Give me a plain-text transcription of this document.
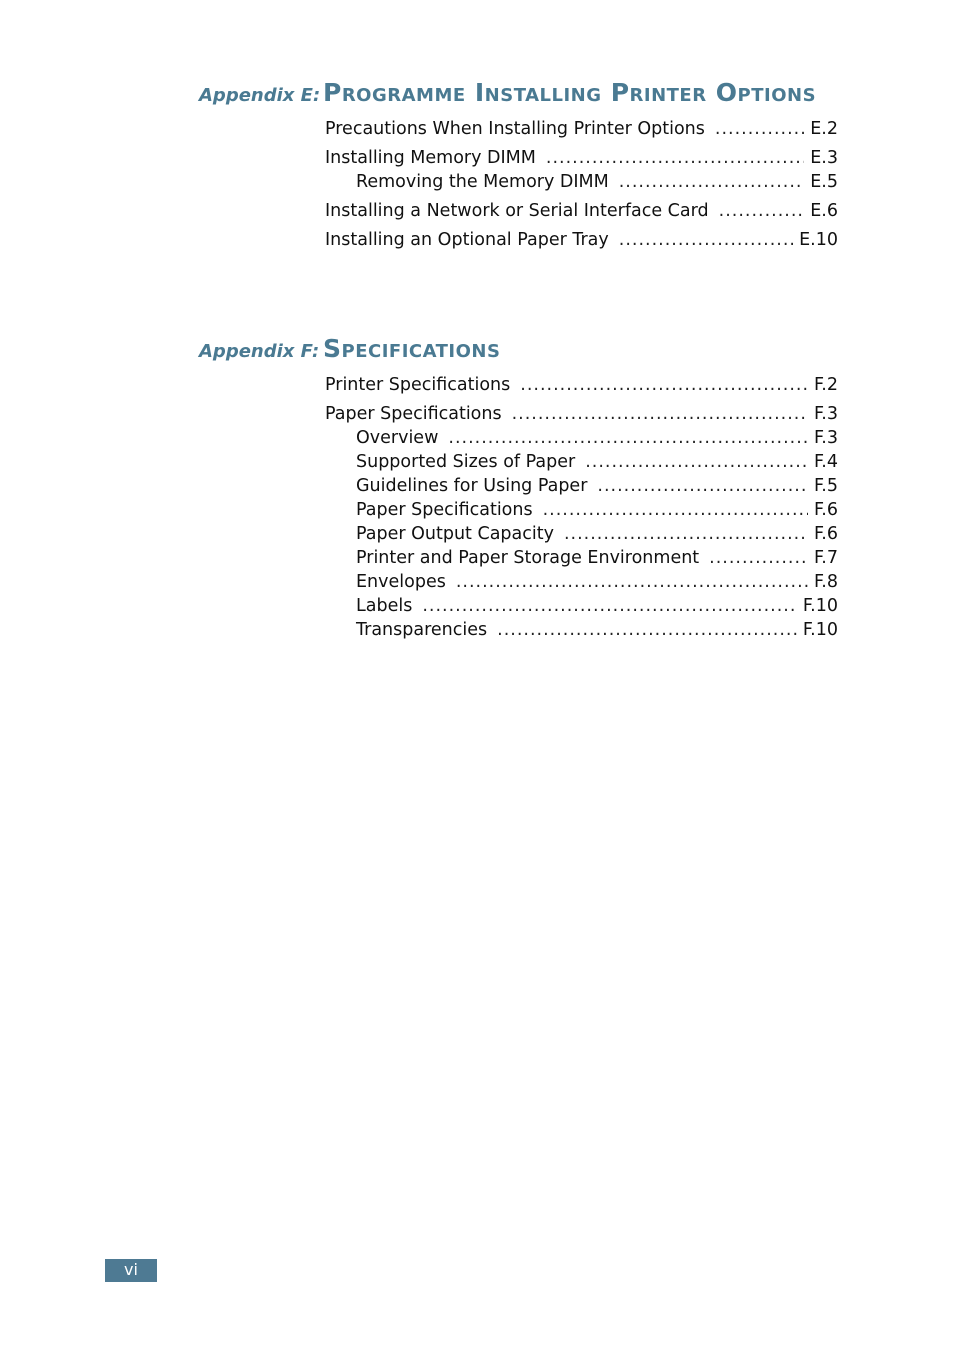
Appendix E: Programme Installing Printer Options
Precautions When Installing Printer Options .....	E.2
Installing Memory DIMM .....	E.3
Removing the Memory DIMM .....	E.5
Installing a Network or Serial Interface Card .....	E.6
Installing an Optional Paper Tray .....	E.10
Appendix F: Specifications
Printer Specifications .....	F.2
Paper Specifications .....	F.3
Overview .....	F.3
Supported Sizes of Paper .....	F.4
Guidelines for Using Paper .....	F.5
Paper Specifications .....	F.6
Paper Output Capacity .....	F.6
Printer and Paper Storage Environment .....	F.7
Envelopes .....	F.8
Labels .....	F.10
Transparencies .....	F.10
vi
